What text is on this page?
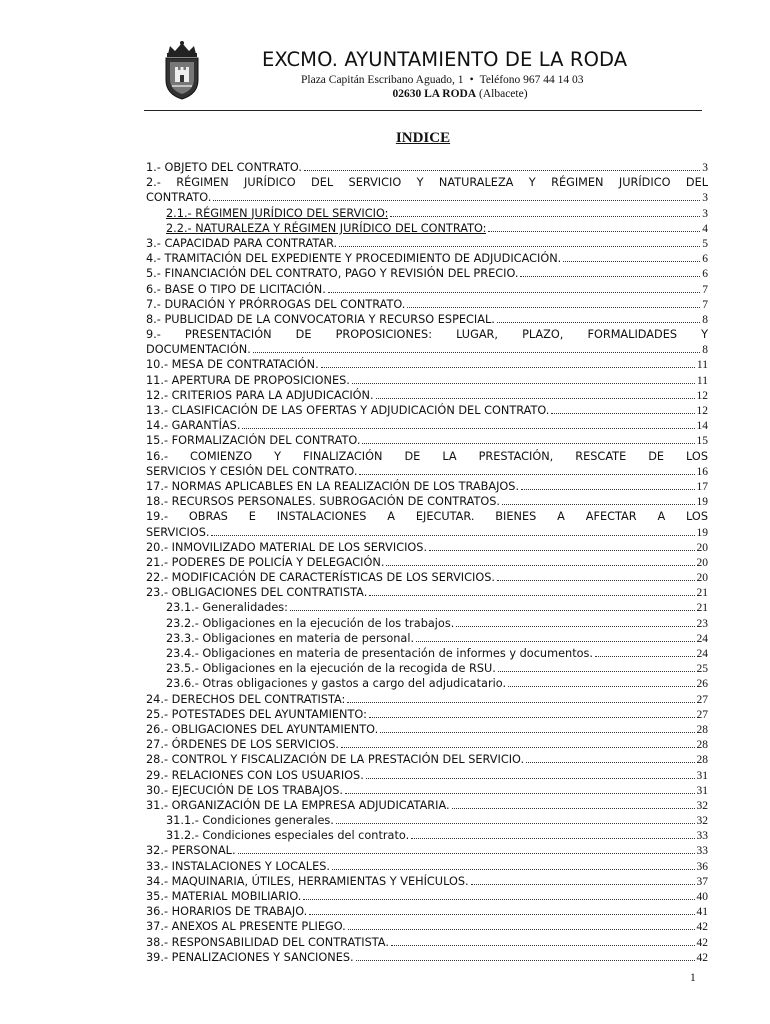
EXCMO. AYUNTAMIENTO DE LA RODA
Plaza Capitán Escribano Aguado, 1 • Teléfono 967 44 14 03
02630 LA RODA (Albacete)
INDICE
1.- OBJETO DEL CONTRATO.	3
2.- RÉGIMEN JURÍDICO DEL SERVICIO Y NATURALEZA Y RÉGIMEN JURÍDICO DEL
CONTRATO.	3
2.1.- RÉGIMEN JURÍDICO DEL SERVICIO:	3
2.2.- NATURALEZA Y RÉGIMEN JURÍDICO DEL CONTRATO:	4
3.- CAPACIDAD PARA CONTRATAR.	5
4.- TRAMITACIÓN DEL EXPEDIENTE Y PROCEDIMIENTO DE ADJUDICACIÓN.	6
5.- FINANCIACIÓN DEL CONTRATO, PAGO Y REVISIÓN DEL PRECIO.	6
6.- BASE O TIPO DE LICITACIÓN.	7
7.- DURACIÓN Y PRÓRROGAS DEL CONTRATO.	7
8.- PUBLICIDAD DE LA CONVOCATORIA Y RECURSO ESPECIAL.	8
9.- PRESENTACIÓN DE PROPOSICIONES: LUGAR, PLAZO, FORMALIDADES Y
DOCUMENTACIÓN.	8
10.- MESA DE CONTRATACIÓN.	11
11.- APERTURA DE PROPOSICIONES.	11
12.- CRITERIOS PARA LA ADJUDICACIÓN.	12
13.- CLASIFICACIÓN DE LAS OFERTAS Y ADJUDICACIÓN DEL CONTRATO.	12
14.- GARANTÍAS.	14
15.- FORMALIZACIÓN DEL CONTRATO.	15
16.- COMIENZO Y FINALIZACIÓN DE LA PRESTACIÓN, RESCATE DE LOS
SERVICIOS Y CESIÓN DEL CONTRATO.	16
17.- NORMAS APLICABLES EN LA REALIZACIÓN DE LOS TRABAJOS.	17
18.- RECURSOS PERSONALES. SUBROGACIÓN DE CONTRATOS.	19
19.- OBRAS E INSTALACIONES A EJECUTAR. BIENES A AFECTAR A LOS
SERVICIOS.	19
20.- INMOVILIZADO MATERIAL DE LOS SERVICIOS.	20
21.- PODERES DE POLICÍA Y DELEGACIÓN.	20
22.- MODIFICACIÓN DE CARACTERÍSTICAS DE LOS SERVICIOS.	20
23.- OBLIGACIONES DEL CONTRATISTA.	21
23.1.- Generalidades:	21
23.2.- Obligaciones en la ejecución de los trabajos.	23
23.3.- Obligaciones en materia de personal.	24
23.4.- Obligaciones en materia de presentación de informes y documentos.	24
23.5.- Obligaciones en la ejecución de la recogida de RSU.	25
23.6.- Otras obligaciones y gastos a cargo del adjudicatario.	26
24.- DERECHOS DEL CONTRATISTA:	27
25.- POTESTADES DEL AYUNTAMIENTO:	27
26.- OBLIGACIONES DEL AYUNTAMIENTO.	28
27.- ÓRDENES DE LOS SERVICIOS.	28
28.- CONTROL Y FISCALIZACIÓN DE LA PRESTACIÓN DEL SERVICIO.	28
29.- RELACIONES CON LOS USUARIOS.	31
30.- EJECUCIÓN DE LOS TRABAJOS.	31
31.- ORGANIZACIÓN DE LA EMPRESA ADJUDICATARIA.	32
31.1.- Condiciones generales.	32
31.2.- Condiciones especiales del contrato.	33
32.- PERSONAL.	33
33.- INSTALACIONES Y LOCALES.	36
34.- MAQUINARIA, ÚTILES, HERRAMIENTAS Y VEHÍCULOS.	37
35.- MATERIAL MOBILIARIO.	40
36.- HORARIOS DE TRABAJO.	41
37.- ANEXOS AL PRESENTE PLIEGO.	42
38.- RESPONSABILIDAD DEL CONTRATISTA.	42
39.- PENALIZACIONES Y SANCIONES.	42
1
